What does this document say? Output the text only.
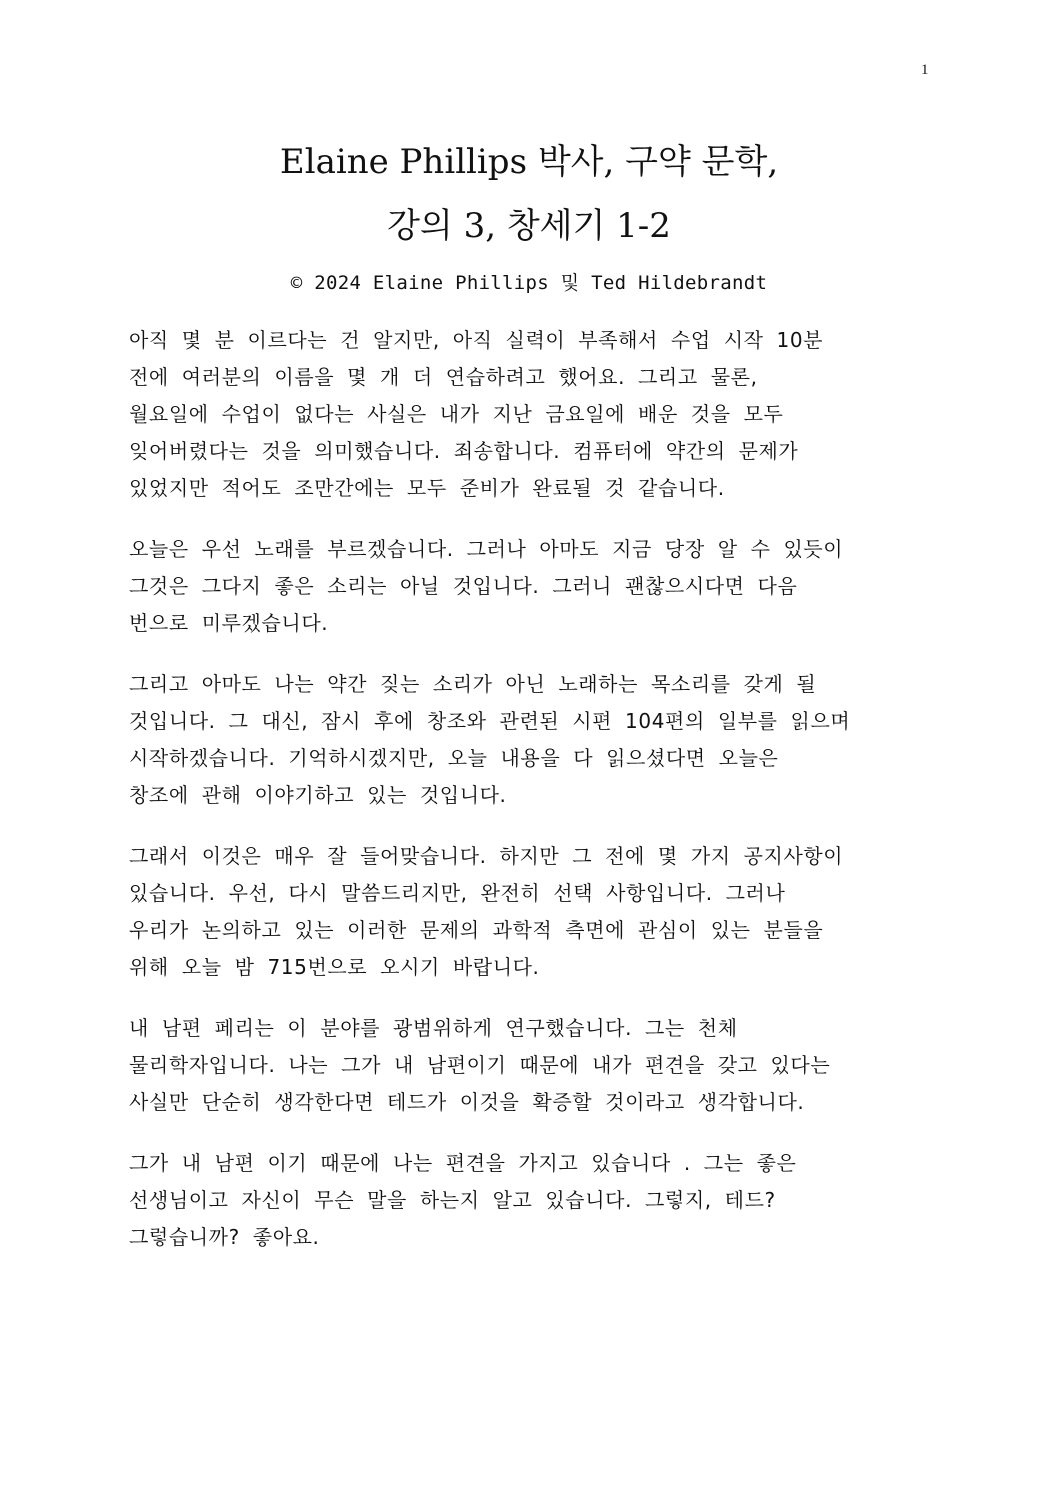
1
Elaine Phillips 박사, 구약 문학,
강의 3, 창세기 1-2
© 2024 Elaine Phillips 및 Ted Hildebrandt
아직 몇 분 이르다는 건 알지만, 아직 실력이 부족해서 수업 시작 10분
전에 여러분의 이름을 몇 개 더 연습하려고 했어요. 그리고 물론,
월요일에 수업이 없다는 사실은 내가 지난 금요일에 배운 것을 모두
잊어버렸다는 것을 의미했습니다. 죄송합니다. 컴퓨터에 약간의 문제가
있었지만 적어도 조만간에는 모두 준비가 완료될 것 같습니다.
오늘은 우선 노래를 부르겠습니다. 그러나 아마도 지금 당장 알 수 있듯이
그것은 그다지 좋은 소리는 아닐 것입니다. 그러니 괜찮으시다면 다음
번으로 미루겠습니다.
그리고 아마도 나는 약간 짖는 소리가 아닌 노래하는 목소리를 갖게 될
것입니다. 그 대신, 잠시 후에 창조와 관련된 시편 104편의 일부를 읽으며
시작하겠습니다. 기억하시겠지만, 오늘 내용을 다 읽으셨다면 오늘은
창조에 관해 이야기하고 있는 것입니다.
그래서 이것은 매우 잘 들어맞습니다. 하지만 그 전에 몇 가지 공지사항이
있습니다. 우선, 다시 말씀드리지만, 완전히 선택 사항입니다. 그러나
우리가 논의하고 있는 이러한 문제의 과학적 측면에 관심이 있는 분들을
위해 오늘 밤 715번으로 오시기 바랍니다.
내 남편 페리는 이 분야를 광범위하게 연구했습니다. 그는 천체
물리학자입니다. 나는 그가 내 남편이기 때문에 내가 편견을 갖고 있다는
사실만 단순히 생각한다면 테드가 이것을 확증할 것이라고 생각합니다.
그가 내 남편 이기 때문에 나는 편견을 가지고 있습니다 . 그는 좋은
선생님이고 자신이 무슨 말을 하는지 알고 있습니다. 그렇지, 테드?
그렇습니까? 좋아요.
